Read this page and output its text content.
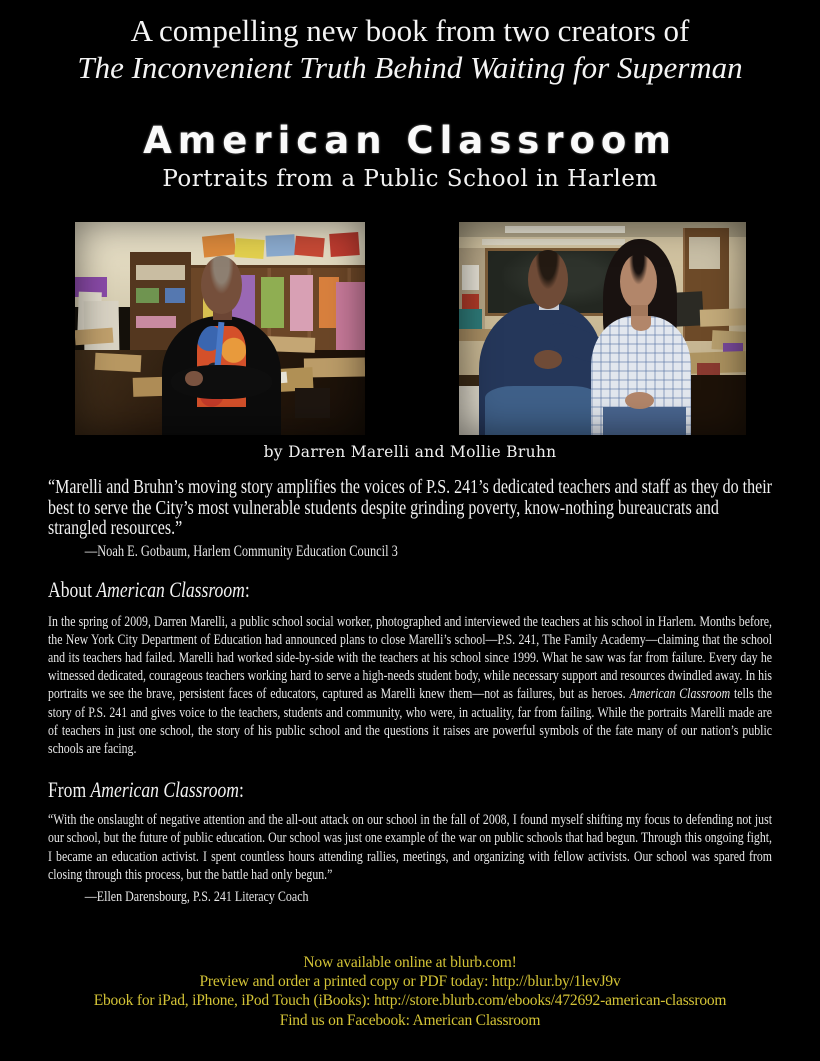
A compelling new book from two creators of
The Inconvenient Truth Behind Waiting for Superman
American Classroom
Portraits from a Public School in Harlem
by Darren Marelli and Mollie Bruhn
“Marelli and Bruhn’s moving story amplifies the voices of P.S. 241’s dedicated teachers and staff as they do their best to serve the City’s most vulnerable students despite grinding poverty, know-nothing bureaucrats and strangled resources.”
—Noah E. Gotbaum, Harlem Community Education Council 3
About American Classroom:
In the spring of 2009, Darren Marelli, a public school social worker, photographed and interviewed the teachers at his school in Harlem. Months before, the New York City Department of Education had announced plans to close Marelli’s school—P.S. 241, The Family Academy—claiming that the school and its teachers had failed. Marelli had worked side-by-side with the teachers at his school since 1999. What he saw was far from failure. Every day he witnessed dedicated, courageous teachers working hard to serve a high-needs student body, while necessary support and resources dwindled away. In his portraits we see the brave, persistent faces of educators, captured as Marelli knew them—not as failures, but as heroes. American Classroom tells the story of P.S. 241 and gives voice to the teachers, students and community, who were, in actuality, far from failing. While the portraits Marelli made are of teachers in just one school, the story of his public school and the questions it raises are powerful symbols of the fate many of our nation’s public schools are facing.
From American Classroom:
“With the onslaught of negative attention and the all-out attack on our school in the fall of 2008, I found myself shifting my focus to defending not just our school, but the future of public education. Our school was just one example of the war on public schools that had begun. Through this ongoing fight, I became an education activist. I spent countless hours attending rallies, meetings, and organizing with fellow activists. Our school was spared from closing through this process, but the battle had only begun.”
—Ellen Darensbourg, P.S. 241 Literacy Coach
Now available online at blurb.com!
Preview and order a printed copy or PDF today: http://blur.by/1levJ9v
Ebook for iPad, iPhone, iPod Touch (iBooks): http://store.blurb.com/ebooks/472692-american-classroom
Find us on Facebook: American Classroom
